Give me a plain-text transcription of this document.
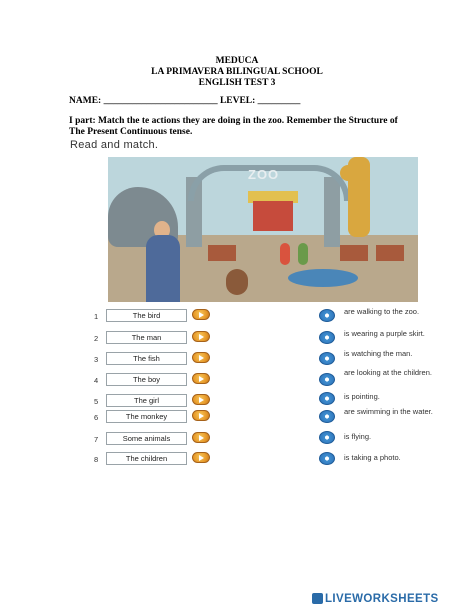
MEDUCA
LA PRIMAVERA BILINGUAL SCHOOL
ENGLISH TEST 3
NAME: ________________________ LEVEL: _________
I part: Match the te actions they are doing in the zoo. Remember the Structure of The Present Continuous tense.
Read and match.
ZOO
1	The bird
2	The man
3	The fish
4	The boy
5	The girl
6	The monkey
7	Some animals
8	The children
are walking to the zoo.
is wearing a purple skirt.
is watching the man.
are looking at the children.
is pointing.
are swimming in the water.
is flying.
is taking a photo.
LIVEWORKSHEETS
